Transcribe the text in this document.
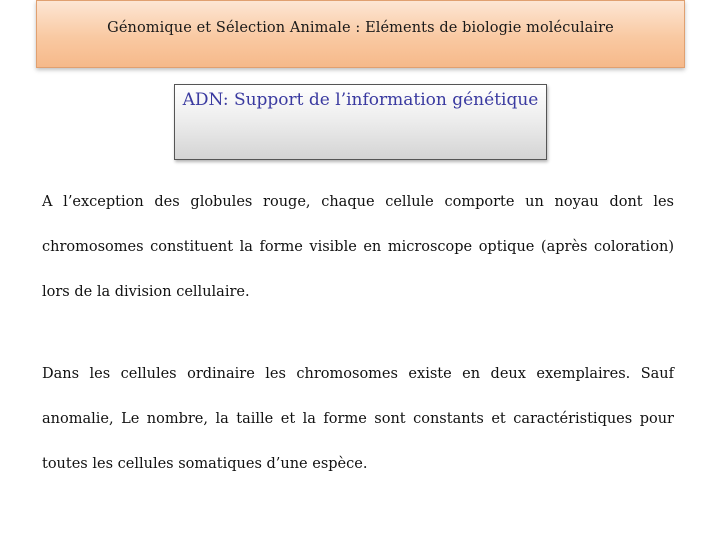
Génomique et Sélection Animale : Eléments de biologie moléculaire
ADN: Support de l’information génétique

A l’exception des globules rouge, chaque cellule comporte un noyau dont les chromosomes constituent la forme visible en microscope optique (après coloration) lors de la division cellulaire.

Dans les cellules ordinaire les chromosomes existe en deux exemplaires. Sauf anomalie, Le nombre, la taille et la forme sont constants et caractéristiques pour toutes les cellules somatiques d’une espèce.
